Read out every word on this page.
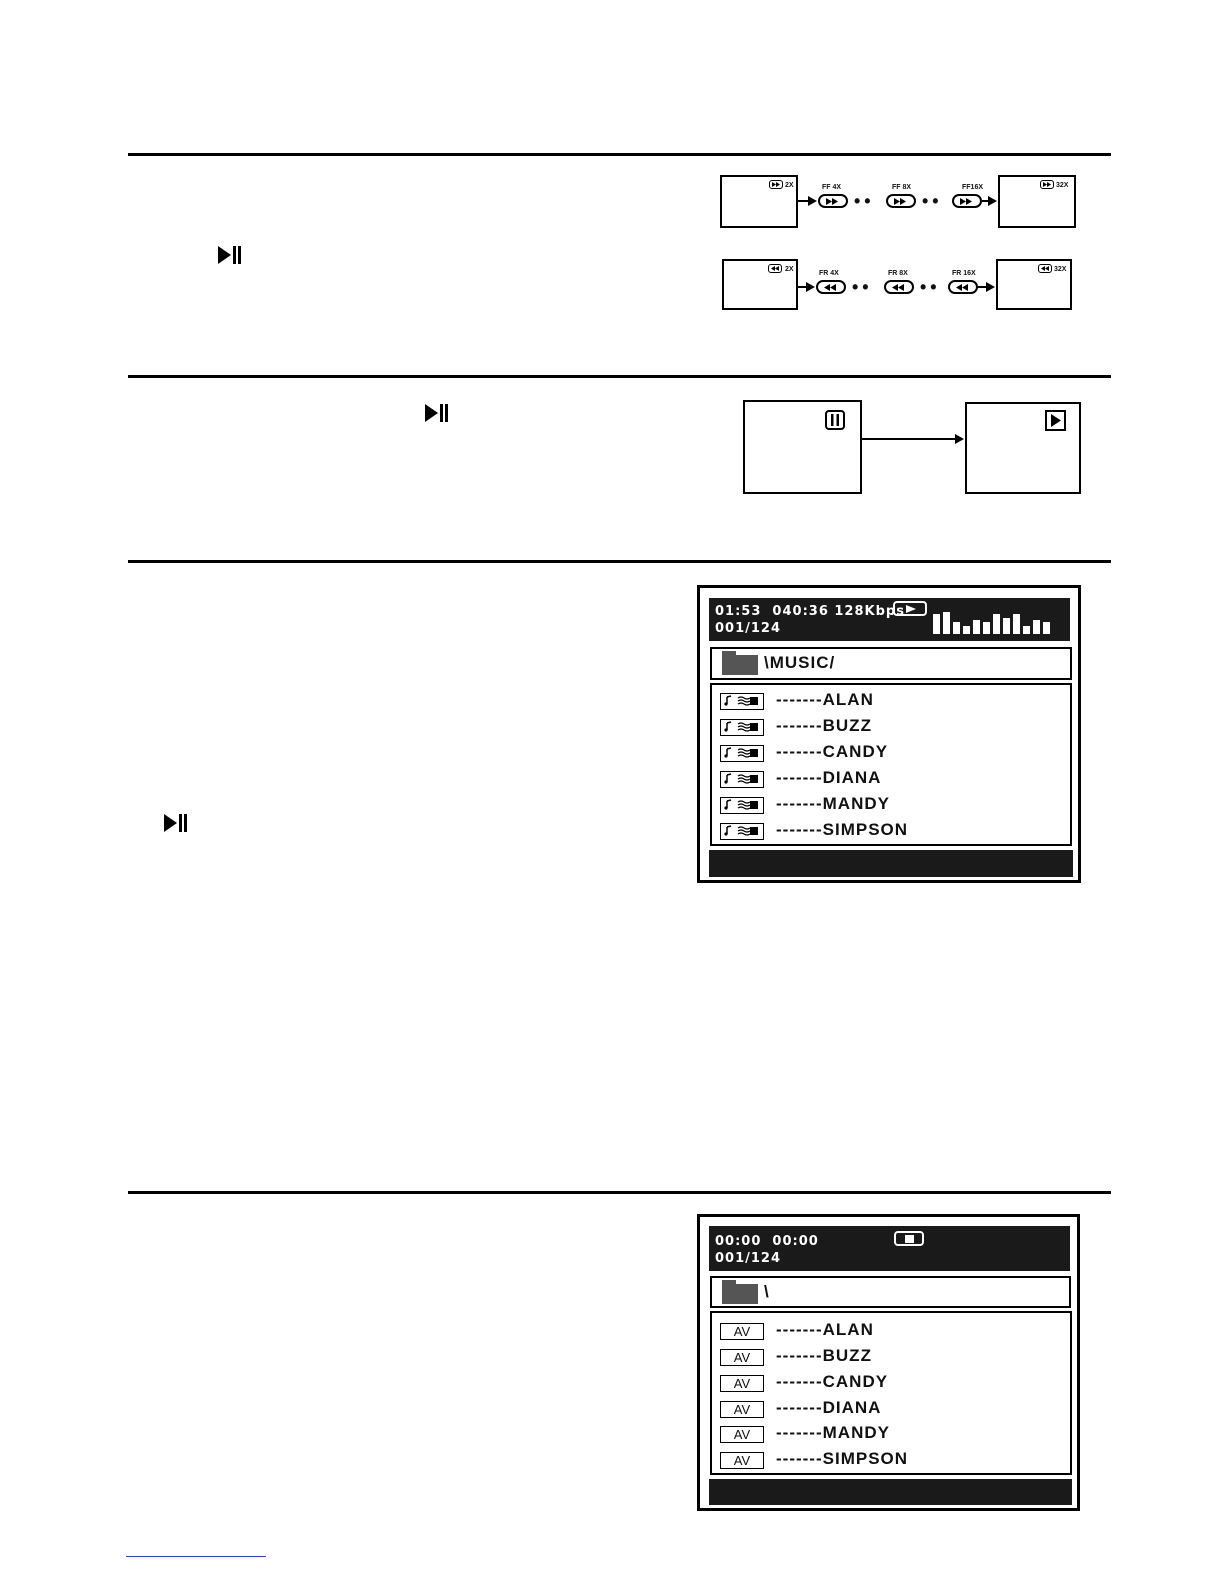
2X	FF 4X
••
FF 8X
••
FF16X	32X
2X
FR 4X
••
FR 8X
••
FR 16X
32X
01:53  040:36 128Kbps
001/124
\MUSIC/
-------ALAN
-------BUZZ
-------CANDY
-------DIANA
-------MANDY
-------SIMPSON
00:00  00:00
001/124
\
AV	-------ALAN
AV	-------BUZZ
AV	-------CANDY
AV	-------DIANA
AV	-------MANDY
AV	-------SIMPSON
